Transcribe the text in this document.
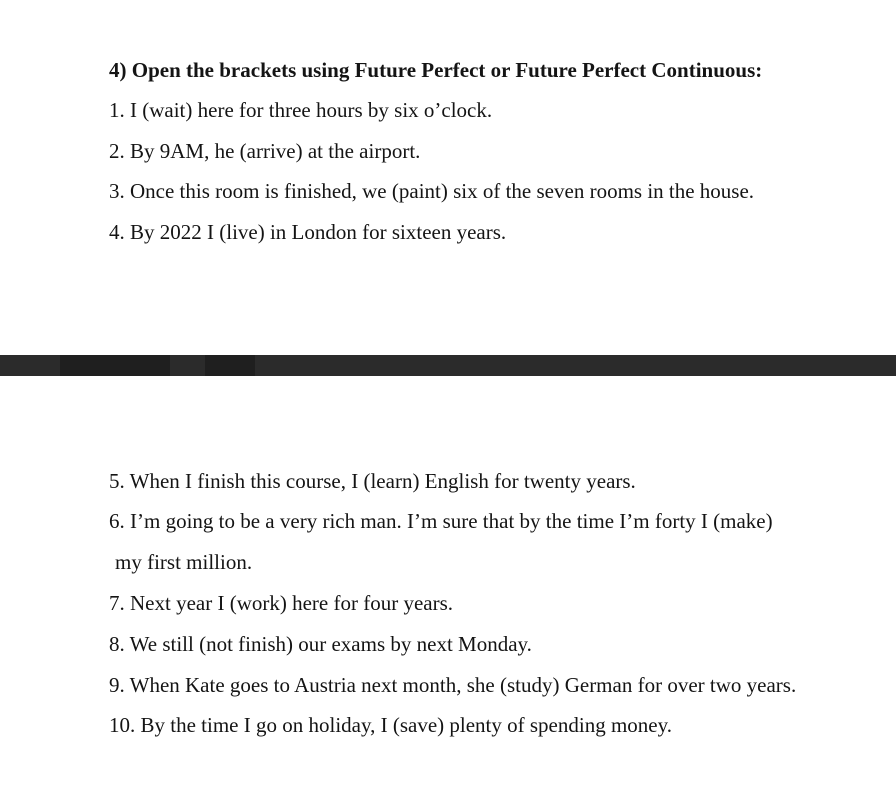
4) Open the brackets using Future Perfect or Future Perfect Continuous:
1. I (wait) here for three hours by six o’clock.
2. By 9AM, he (arrive) at the airport.
3. Once this room is finished, we (paint) six of the seven rooms in the house.
4. By 2022 I (live) in London for sixteen years.
5. When I finish this course, I (learn) English for twenty years.
6. I’m going to be a very rich man. I’m sure that by the time I’m forty I (make)
my first million.
7. Next year I (work) here for four years.
8. We still (not finish) our exams by next Monday.
9. When Kate goes to Austria next month, she (study) German for over two years.
10. By the time I go on holiday, I (save) plenty of spending money.
